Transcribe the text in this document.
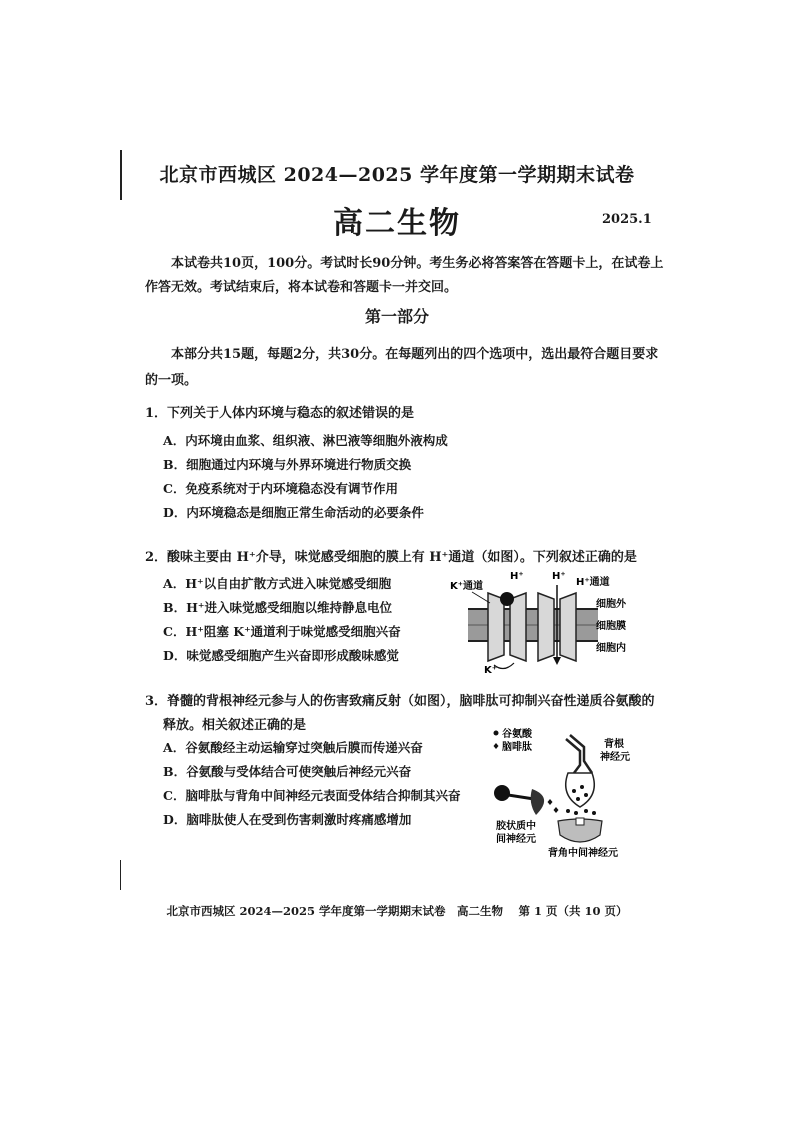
北京市西城区 2024—2025 学年度第一学期期末试卷
高二生物	2025.1
本试卷共10页，100分。考试时长90分钟。考生务必将答案答在答题卡上，在试卷上作答无效。考试结束后，将本试卷和答题卡一并交回。
第一部分
本部分共15题，每题2分，共30分。在每题列出的四个选项中，选出最符合题目要求的一项。
1．下列关于人体内环境与稳态的叙述错误的是
A．内环境由血浆、组织液、淋巴液等细胞外液构成
B．细胞通过内环境与外界环境进行物质交换
C．免疫系统对于内环境稳态没有调节作用
D．内环境稳态是细胞正常生命活动的必要条件
2．酸味主要由 H⁺介导，味觉感受细胞的膜上有 H⁺通道（如图）。下列叙述正确的是
A．H⁺以自由扩散方式进入味觉感受细胞
B．H⁺进入味觉感受细胞以维持静息电位
C．H⁺阻塞 K⁺通道利于味觉感受细胞兴奋
D．味觉感受细胞产生兴奋即形成酸味感觉
K⁺通道
H⁺	H⁺
H⁺通道
细胞外
细胞膜
细胞内
K⁺
3．脊髓的背根神经元参与人的伤害致痛反射（如图），脑啡肽可抑制兴奋性递质谷氨酸的
释放。相关叙述正确的是
A．谷氨酸经主动运输穿过突触后膜而传递兴奋
B．谷氨酸与受体结合可使突触后神经元兴奋
C．脑啡肽与背角中间神经元表面受体结合抑制其兴奋
D．脑啡肽使人在受到伤害刺激时疼痛感增加
谷氨酸
脑啡肽	背根
神经元
胶状质中
间神经元
背角中间神经元
北京市西城区 2024—2025 学年度第一学期期末试卷　高二生物　 第 1 页（共 10 页）
